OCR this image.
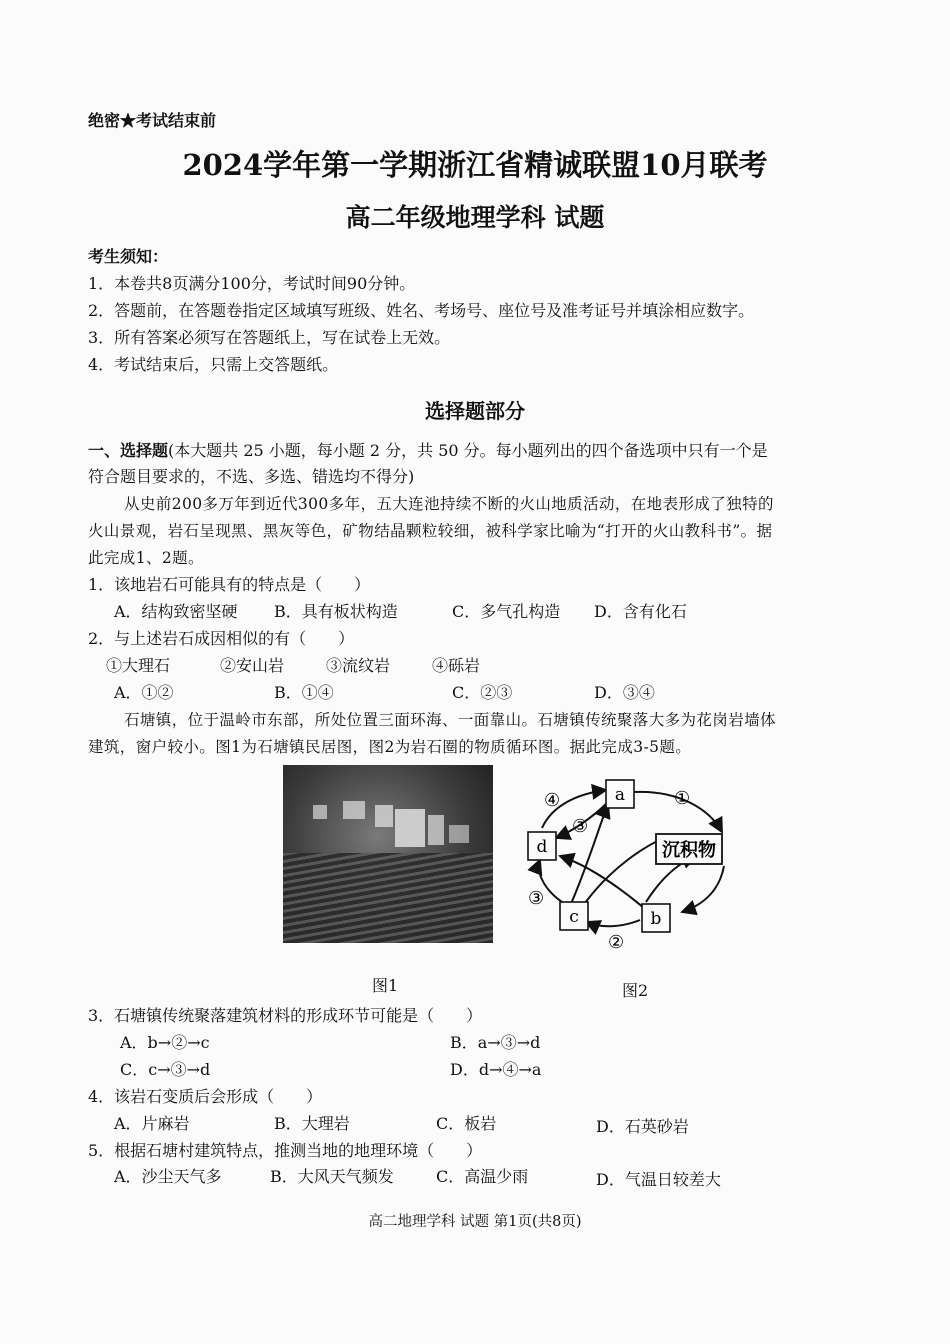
绝密★考试结束前
2024学年第一学期浙江省精诚联盟10月联考
高二年级地理学科 试题
考生须知：
1．本卷共8页满分100分，考试时间90分钟。
2．答题前，在答题卷指定区域填写班级、姓名、考场号、座位号及准考证号并填涂相应数字。
3．所有答案必须写在答题纸上，写在试卷上无效。
4．考试结束后，只需上交答题纸。
选择题部分
一、选择题(本大题共 25 小题，每小题 2 分，共 50 分。每小题列出的四个备选项中只有一个是
符合题目要求的，不选、多选、错选均不得分)
从史前200多万年到近代300多年，五大连池持续不断的火山地质活动，在地表形成了独特的
火山景观，岩石呈现黑、黑灰等色，矿物结晶颗粒较细，被科学家比喻为“打开的火山教科书”。据
此完成1、2题。
1．该地岩石可能具有的特点是（　　）
A．结构致密坚硬 B．具有板状构造	C．多气孔构造 D．含有化石
2．与上述岩石成因相似的有（　　）
①大理石	②安山岩	③流纹岩	④砾岩
A．①②	B．①④	C．②③	D．③④
石塘镇，位于温岭市东部，所处位置三面环海、一面靠山。石塘镇传统聚落大多为花岗岩墙体
建筑，窗户较小。图1为石塘镇民居图，图2为岩石圈的物质循环图。据此完成3-5题。
图1
a
d
c	b
沉积物
①
②
③
③
④
图2
3．石塘镇传统聚落建筑材料的形成环节可能是（　　）
A．b→②→c	B．a→③→d
C．c→③→d	D．d→④→a
4．该岩石变质后会形成（　　）
A．片麻岩	B．大理岩	C．板岩	D．石英砂岩
5．根据石塘村建筑特点，推测当地的地理环境（　　）
A．沙尘天气多	B．大风天气频发	C．高温少雨	D．气温日较差大
高二地理学科 试题 第1页(共8页)
